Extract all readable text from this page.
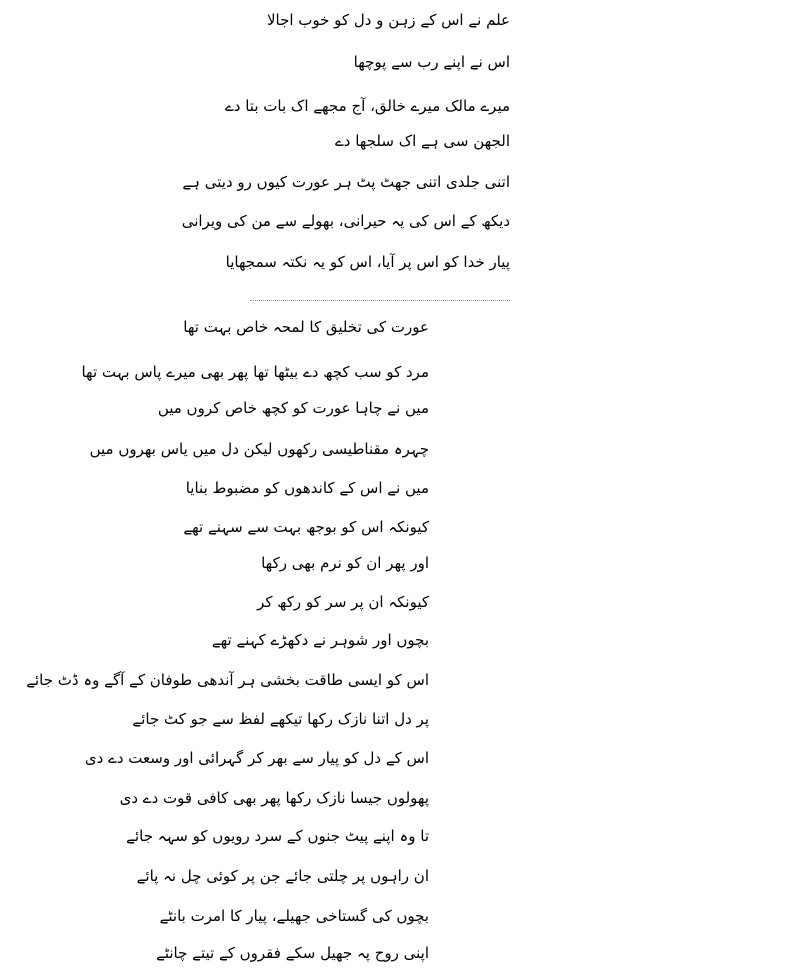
علم نے اس کے زہن و دل کو خوب اجالا
اس نے اپنے رب سے پوچھا
میرے مالک میرے خالق، آج مجھے اک بات بتا دے
الجھن سی ہے اک سلجھا دے
اتنی جلدی اتنی جھٹ پٹ ہر عورت کیوں رو دیتی ہے
دیکھ کے اس کی یہ حیرانی، بھولے سے من کی ویرانی
پیار خدا کو اس پر آیا، اس کو یہ نکتہ سمجھایا
عورت کی تخلیق کا لمحہ خاص بہت تھا
مرد کو سب کچھ دے بیٹھا تھا پھر بھی میرے پاس بہت تھا
میں نے چاہا عورت کو کچھ خاص کروں میں
چہرہ مقناطیسی رکھوں لیکن دل میں یاس بھروں میں
میں نے اس کے کاندھوں کو مضبوط بنایا
کیونکہ اس کو بوجھ بہت سے سہنے تھے
اور پھر ان کو نرم بھی رکھا
کیونکہ ان پر سر کو رکھ کر
بچوں اور شوہر نے دکھڑے کہنے تھے
اس کو ایسی طاقت بخشی ہر آندھی طوفان کے آگے وہ ڈٹ جائے
پر دل اتنا نازک رکھا تیکھے لفظ سے جو کٹ جائے
اس کے دل کو پیار سے بھر کر گہرائی اور وسعت دے دی
پھولوں جیسا نازک رکھا پھر بھی کافی قوت دے دی
تا وہ اپنے پیٹ جنوں کے سرد رویوں کو سہہ جائے
ان راہوں پر چلتی جائے جن پر کوئی چل نہ پائے
بچوں کی گستاخی جھیلے، پیار کا امرت بانٹے
اپنی روح پہ جھیل سکے فقروں کے تیتے چانٹے
